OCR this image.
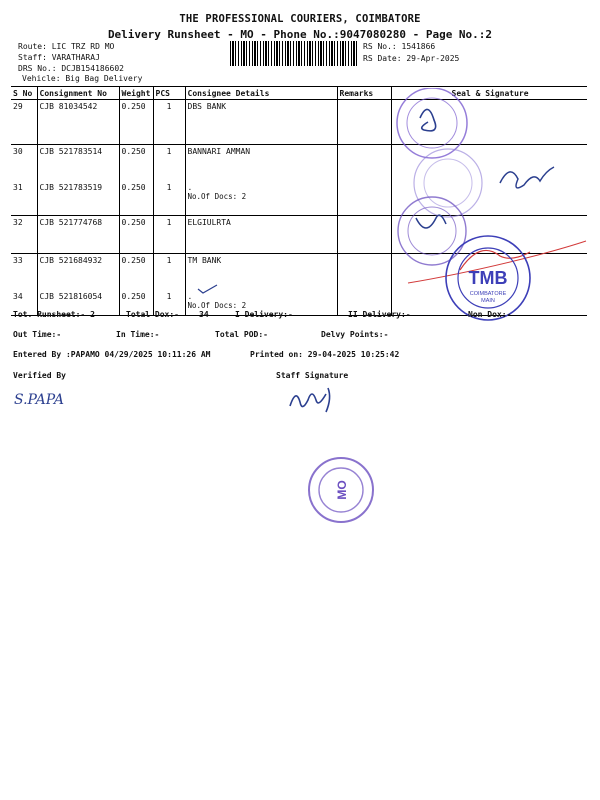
THE PROFESSIONAL COURIERS, COIMBATORE
Delivery Runsheet - MO - Phone No.:9047080280 - Page No.:2
Route: LIC TRZ RD MO
Staff: VARATHARAJ
DRS No.: DCJB154186602
Vehicle: Big Bag Delivery
RS No.: 1541866
RS Date: 29-Apr-2025
S No	Consignment No	Weight	PCS	Consignee Details	Remarks	Seal & Signature
29	CJB 81034542	0.250	1	DBS BANK		
30	CJB 521783514	0.250	1	BANNARI AMMAN		
31	CJB 521783519	0.250	1	.
No.Of Docs: 2		

32	CJB 521774768	0.250	1	ELGIULRTA		
33	CJB 521684932	0.250	1	TM BANK		
34	CJB 521816054	0.250	1	.
No.Of Docs: 2		

TMB
COIMBATORE
MAIN
Tot. Runsheet:- 2	Total Dox:-	34	I Delivery:-	II Delivery:-	Non Dox:-
Out Time:-	In Time:-	Total POD:-	Delvy Points:-
Entered By :PAPAMO 04/29/2025 10:11:26 AM	Printed on: 29-04-2025 10:25:42
Verified By	Staff Signature
S.PAPA
MO
